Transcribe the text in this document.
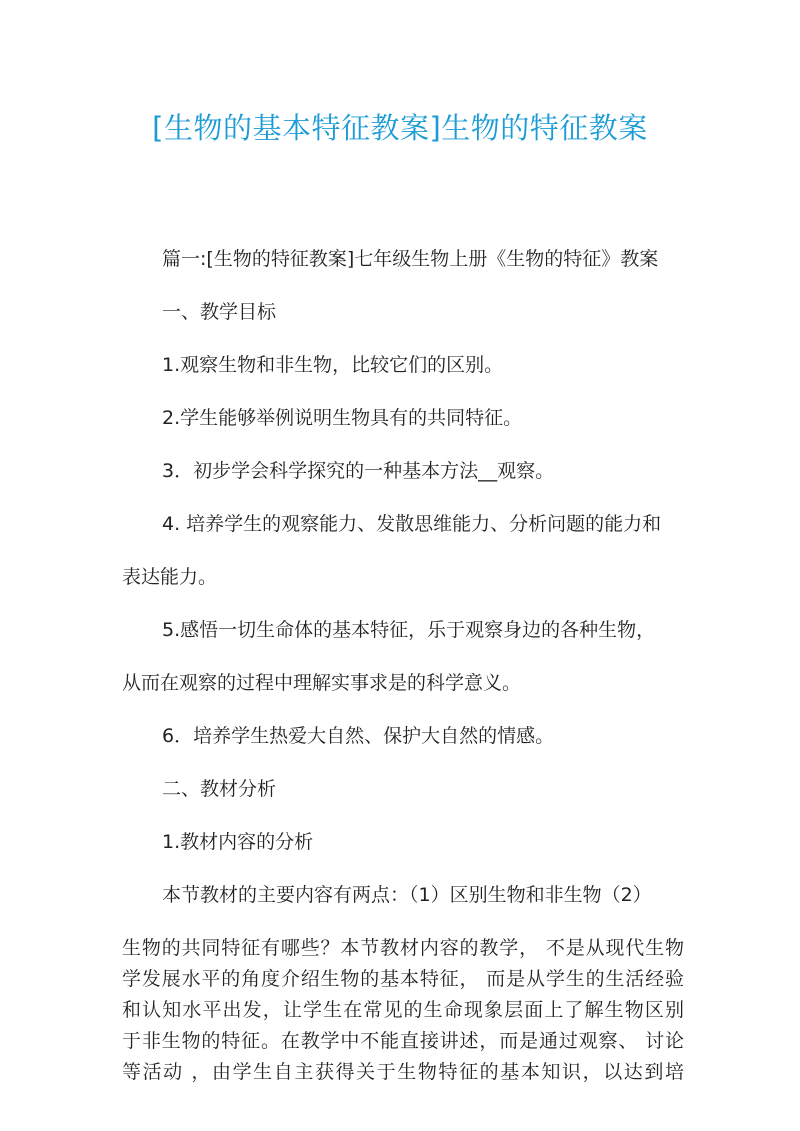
[生物的基本特征教案]生物的特征教案

篇一:[生物的特征教案]七年级生物上册《生物的特征》教案

一、教学目标

1.观察生物和非生物，比较它们的区别。

2.学生能够举例说明生物具有的共同特征。

3．初步学会科学探究的一种基本方法__观察。

4. 培养学生的观察能力、发散思维能力、分析问题的能力和

表达能力。

5.感悟一切生命体的基本特征，乐于观察身边的各种生物，

从而在观察的过程中理解实事求是的科学意义。

6．培养学生热爱大自然、保护大自然的情感。

二、教材分析

1.教材内容的分析

本节教材的主要内容有两点：（1）区别生物和非生物（2）

生物的共同特征有哪些？本节教材内容的教学， 不是从现代生物

学发展水平的角度介绍生物的基本特征， 而是从学生的生活经验

和认知水平出发，让学生在常见的生命现象层面上了解生物区别

于非生物的特征。在教学中不能直接讲述，而是通过观察、 讨论

等活动 ，由学生自主获得关于生物特征的基本知识，以达到培
